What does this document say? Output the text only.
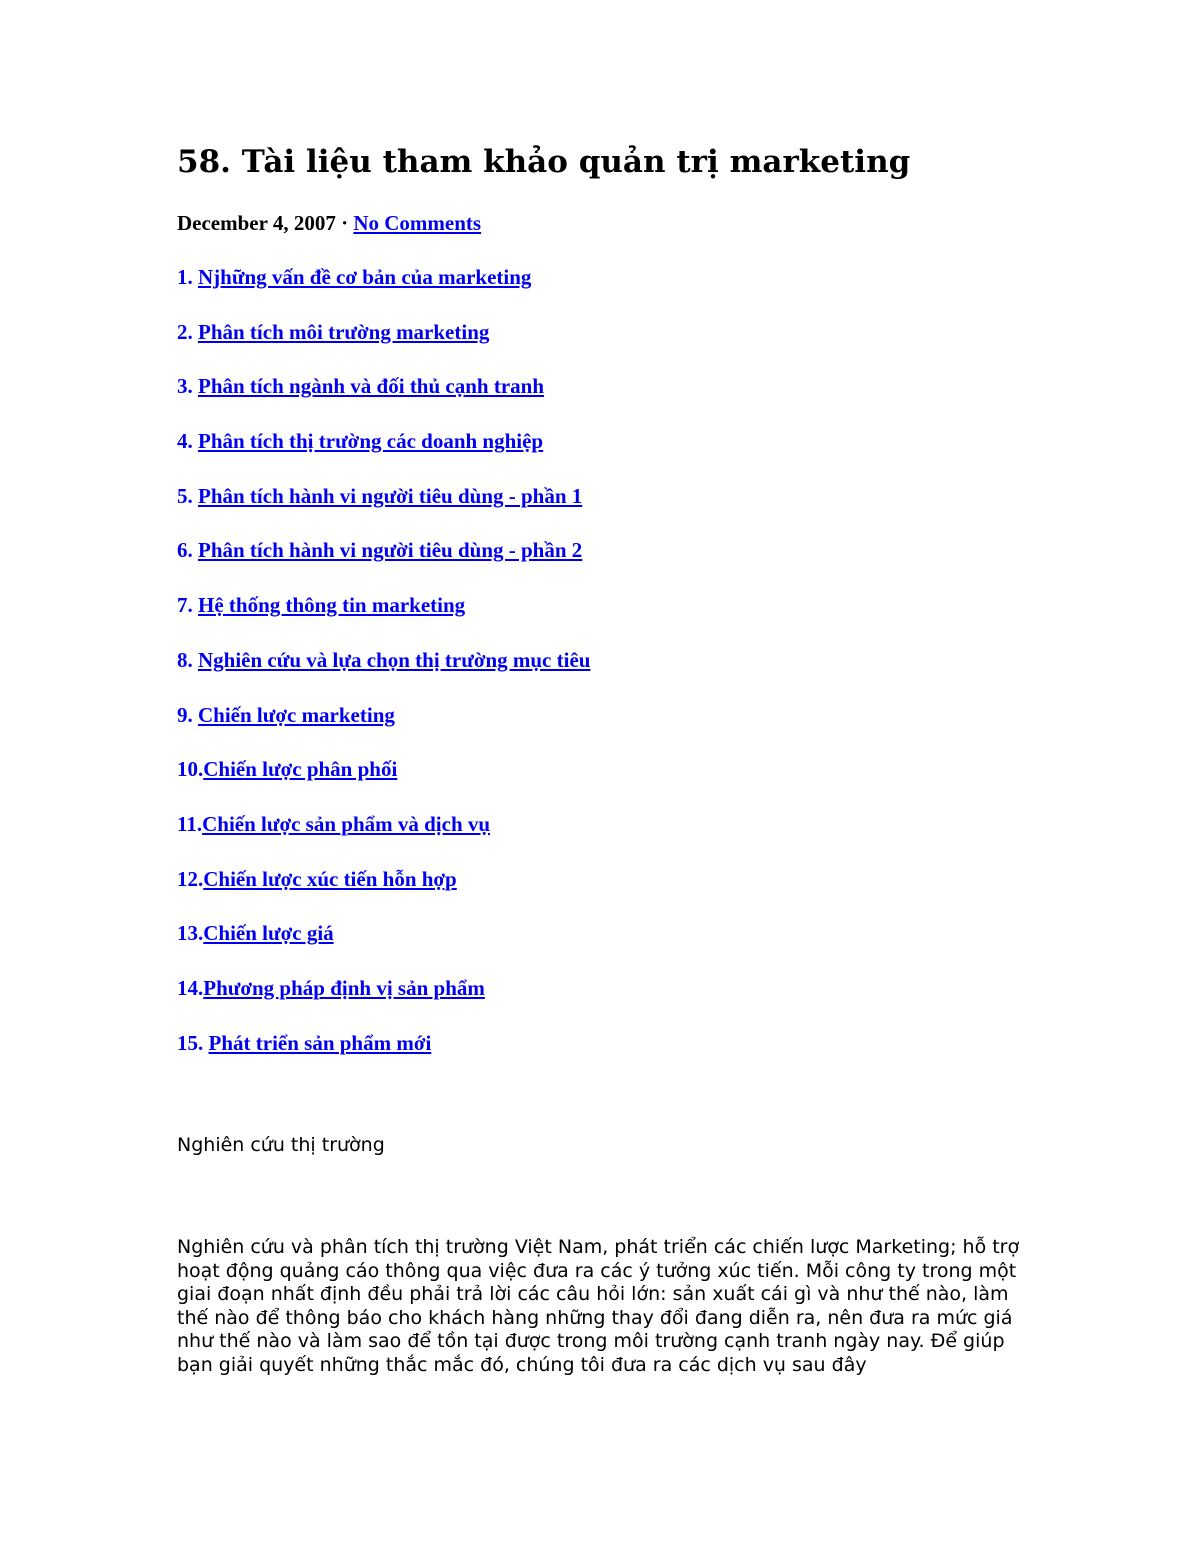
58. Tài liệu tham khảo quản trị marketing
December 4, 2007 · No Comments
1. Njhững vấn đề cơ bản của marketing
2. Phân tích môi trường marketing
3. Phân tích ngành và đối thủ cạnh tranh
4. Phân tích thị trường các doanh nghiệp
5. Phân tích hành vi người tiêu dùng - phần 1
6. Phân tích hành vi người tiêu dùng - phần 2
7. Hệ thống thông tin marketing
8. Nghiên cứu và lựa chọn thị trường mục tiêu
9. Chiến lược marketing
10.Chiến lược phân phối
11.Chiến lược sản phẩm và dịch vụ
12.Chiến lược xúc tiến hỗn hợp
13.Chiến lược giá
14.Phương pháp định vị sản phẩm
15. Phát triển sản phẩm mới
Nghiên cứu thị trường

Nghiên cứu và phân tích thị trường Việt Nam, phát triển các chiến lược Marketing; hỗ trợ hoạt động quảng cáo thông qua việc đưa ra các ý tưởng xúc tiến. Mỗi công ty trong một giai đoạn nhất định đều phải trả lời các câu hỏi lớn: sản xuất cái gì và như thế nào, làm thế nào để thông báo cho khách hàng những thay đổi đang diễn ra, nên đưa ra mức giá như thế nào và làm sao để tồn tại được trong môi trường cạnh tranh ngày nay. Để giúp bạn giải quyết những thắc mắc đó, chúng tôi đưa ra các dịch vụ sau đây
